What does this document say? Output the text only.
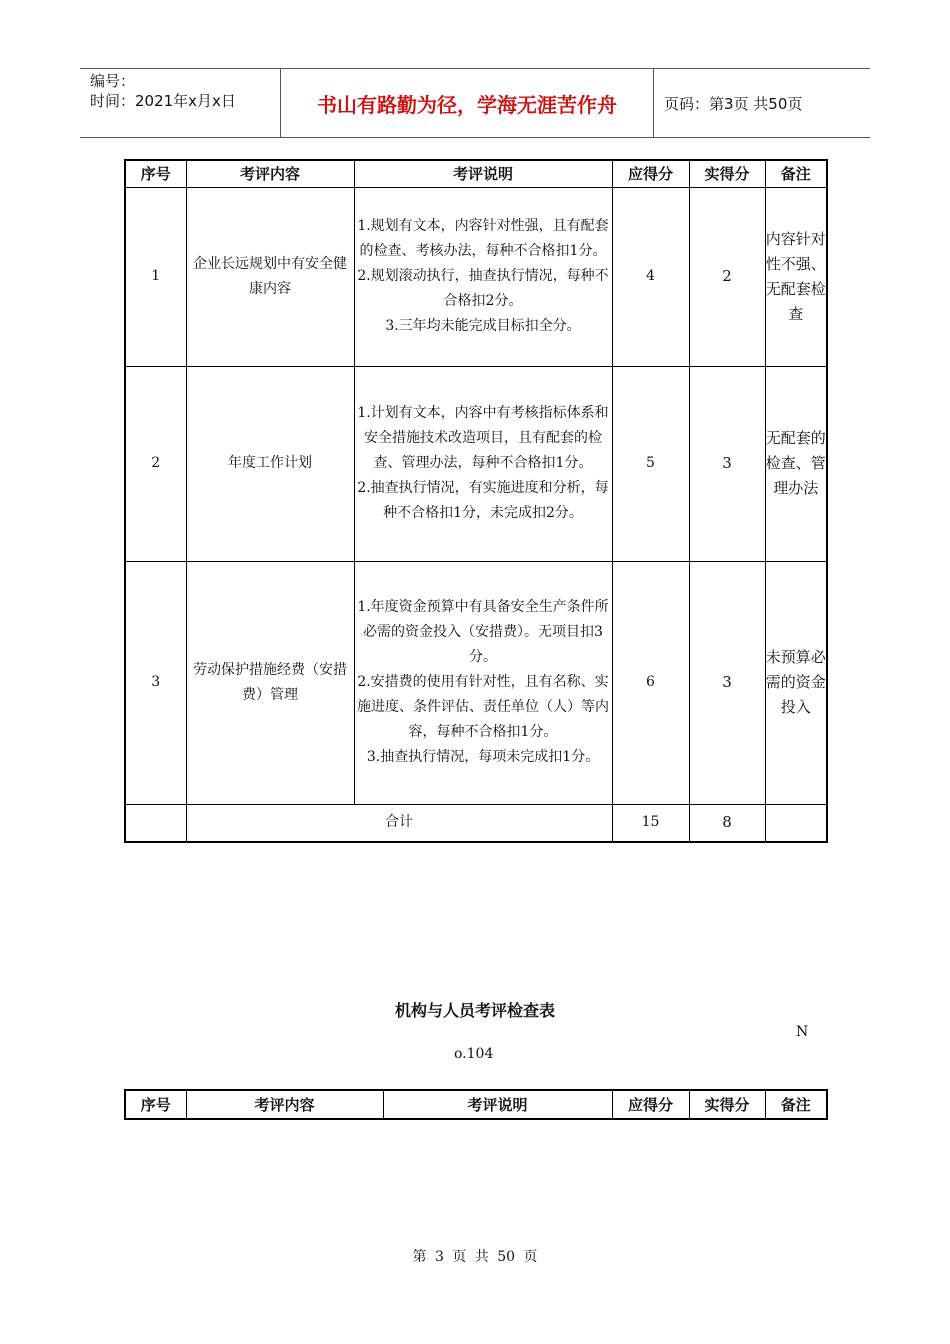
编号：
时间：2021年x月x日	书山有路勤为径，学海无涯苦作舟	页码：第3页 共50页
序号	考评内容	考评说明	应得分	实得分	备注
1	企业长远规划中有安全健康内容	1.规划有文本，内容针对性强，且有配套的检查、考核办法，每种不合格扣1分。
2.规划滚动执行，抽查执行情况，每种不合格扣2分。
3.三年均未能完成目标扣全分。	4	2	内容针对性不强、无配套检查
2	年度工作计划	1.计划有文本，内容中有考核指标体系和安全措施技术改造项目，且有配套的检查、管理办法，每种不合格扣1分。
2.抽查执行情况，有实施进度和分析，每种不合格扣1分，未完成扣2分。	5	3	无配套的检查、管理办法
3	劳动保护措施经费（安措费）管理	1.年度资金预算中有具备安全生产条件所必需的资金投入（安措费）。无项目扣3分。
2.安措费的使用有针对性，且有名称、实施进度、条件评估、责任单位（人）等内容，每种不合格扣1分。
3.抽查执行情况，每项未完成扣1分。	6	3	未预算必需的资金投入
	合计		15	8	
机构与人员考评检查表
N
o.104
序号	考评内容	考评说明	应得分	实得分	备注
第 3 页 共 50 页
